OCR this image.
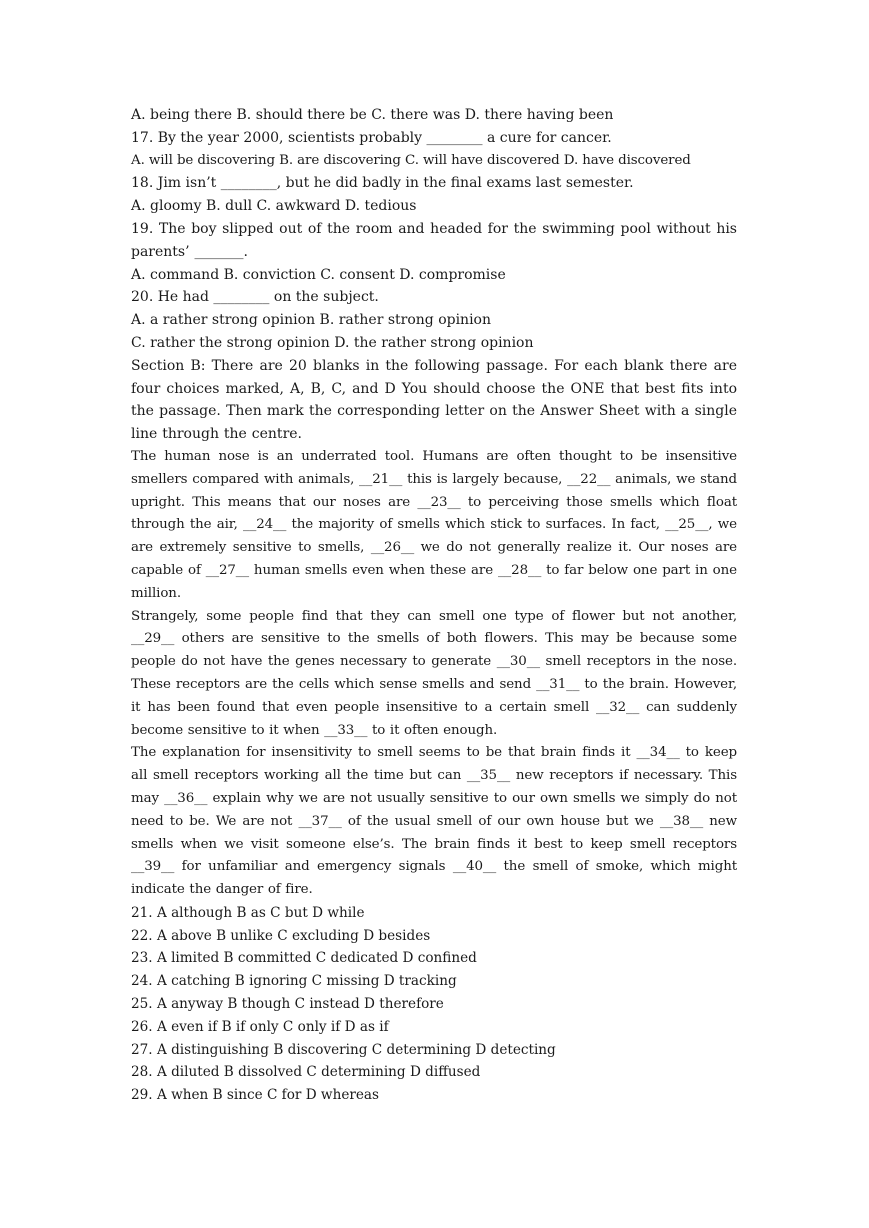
A. being there B. should there be C. there was D. there having been
17. By the year 2000, scientists probably ________ a cure for cancer.
A. will be discovering B. are discovering C. will have discovered D. have discovered
18. Jim isn’t ________, but he did badly in the final exams last semester.
A. gloomy B. dull C. awkward D. tedious
19. The boy slipped out of the room and headed for the swimming pool without his parents’ _______.
A. command B. conviction C. consent D. compromise
20. He had ________ on the subject.
A. a rather strong opinion B. rather strong opinion
C. rather the strong opinion D. the rather strong opinion
Section B: There are 20 blanks in the following passage. For each blank there are four choices marked, A, B, C, and D You should choose the ONE that best fits into the passage. Then mark the corresponding letter on the Answer Sheet with a single line through the centre.
The human nose is an underrated tool. Humans are often thought to be insensitive smellers compared with animals, __21__ this is largely because, __22__ animals, we stand upright. This means that our noses are __23__ to perceiving those smells which float through the air, __24__ the majority of smells which stick to surfaces. In fact, __25__, we are extremely sensitive to smells, __26__ we do not generally realize it. Our noses are capable of __27__ human smells even when these are __28__ to far below one part in one million.
Strangely, some people find that they can smell one type of flower but not another, __29__ others are sensitive to the smells of both flowers. This may be because some people do not have the genes necessary to generate __30__ smell receptors in the nose. These receptors are the cells which sense smells and send __31__ to the brain. However, it has been found that even people insensitive to a certain smell __32__ can suddenly become sensitive to it when __33__ to it often enough.
The explanation for insensitivity to smell seems to be that brain finds it __34__ to keep all smell receptors working all the time but can __35__ new receptors if necessary. This may __36__ explain why we are not usually sensitive to our own smells we simply do not need to be. We are not __37__ of the usual smell of our own house but we __38__ new smells when we visit someone else’s. The brain finds it best to keep smell receptors __39__ for unfamiliar and emergency signals __40__ the smell of smoke, which might indicate the danger of fire.
21. A although B as C but D while
22. A above B unlike C excluding D besides
23. A limited B committed C dedicated D confined
24. A catching B ignoring C missing D tracking
25. A anyway B though C instead D therefore
26. A even if B if only C only if D as if
27. A distinguishing B discovering C determining D detecting
28. A diluted B dissolved C determining D diffused
29. A when B since C for D whereas
